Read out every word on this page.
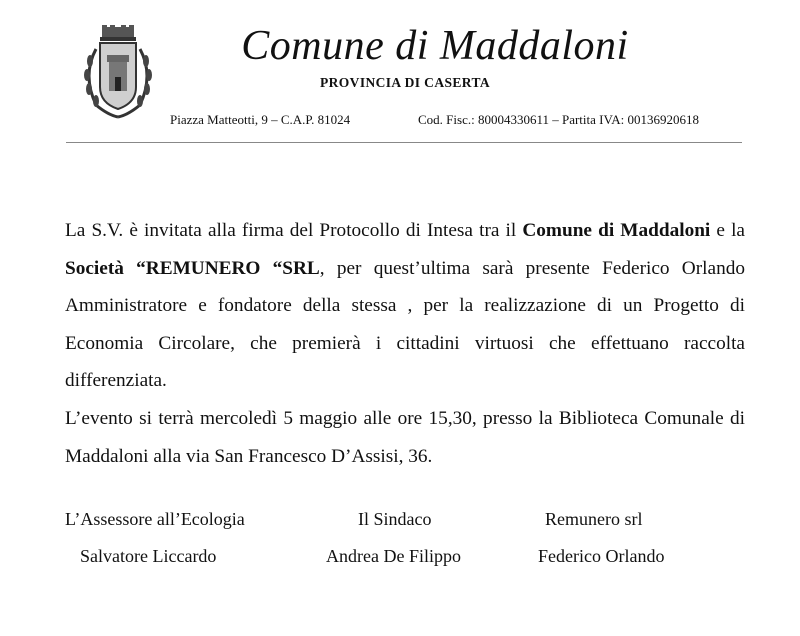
Comune di Maddaloni
PROVINCIA DI CASERTA
Piazza Matteotti, 9 – C.A.P. 81024	Cod. Fisc.: 80004330611 – Partita IVA: 00136920618

La S.V. è invitata alla firma del Protocollo di Intesa tra il Comune di Maddaloni e la Società “REMUNERO “SRL, per quest’ultima sarà presente Federico Orlando Amministratore e fondatore della stessa , per la realizzazione di un Progetto di Economia Circolare, che premierà i cittadini virtuosi che effettuano raccolta differenziata.

L’evento si terrà mercoledì 5 maggio alle ore 15,30, presso la Biblioteca Comunale di Maddaloni alla via San Francesco D’Assisi, 36.

L’Assessore all’Ecologia
Salvatore Liccardo
Il Sindaco
Andrea De Filippo
Remunero srl
Federico Orlando
